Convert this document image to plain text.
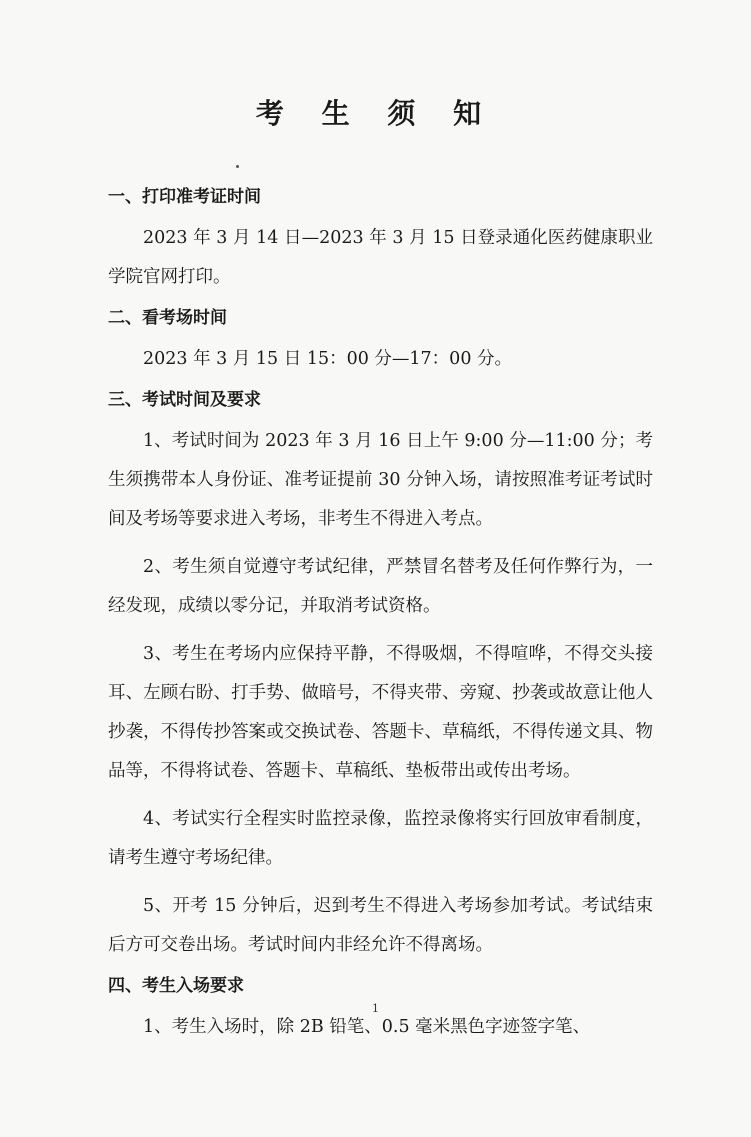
考 生 须 知
一、打印准考证时间
2023 年 3 月 14 日—2023 年 3 月 15 日登录通化医药健康职业学院官网打印。
二、看考场时间
2023 年 3 月 15 日 15：00 分—17：00 分。
三、考试时间及要求
1、考试时间为 2023 年 3 月 16 日上午 9:00 分—11:00 分；考生须携带本人身份证、准考证提前 30 分钟入场，请按照准考证考试时间及考场等要求进入考场，非考生不得进入考点。
2、考生须自觉遵守考试纪律，严禁冒名替考及任何作弊行为，一经发现，成绩以零分记，并取消考试资格。
3、考生在考场内应保持平静，不得吸烟，不得喧哗，不得交头接耳、左顾右盼、打手势、做暗号，不得夹带、旁窥、抄袭或故意让他人抄袭，不得传抄答案或交换试卷、答题卡、草稿纸，不得传递文具、物品等，不得将试卷、答题卡、草稿纸、垫板带出或传出考场。
4、考试实行全程实时监控录像，监控录像将实行回放审看制度，请考生遵守考场纪律。
5、开考 15 分钟后，迟到考生不得进入考场参加考试。考试结束后方可交卷出场。考试时间内非经允许不得离场。
四、考生入场要求
1、考生入场时，除 2B 铅笔、0.5 毫米黑色字迹签字笔、
1
